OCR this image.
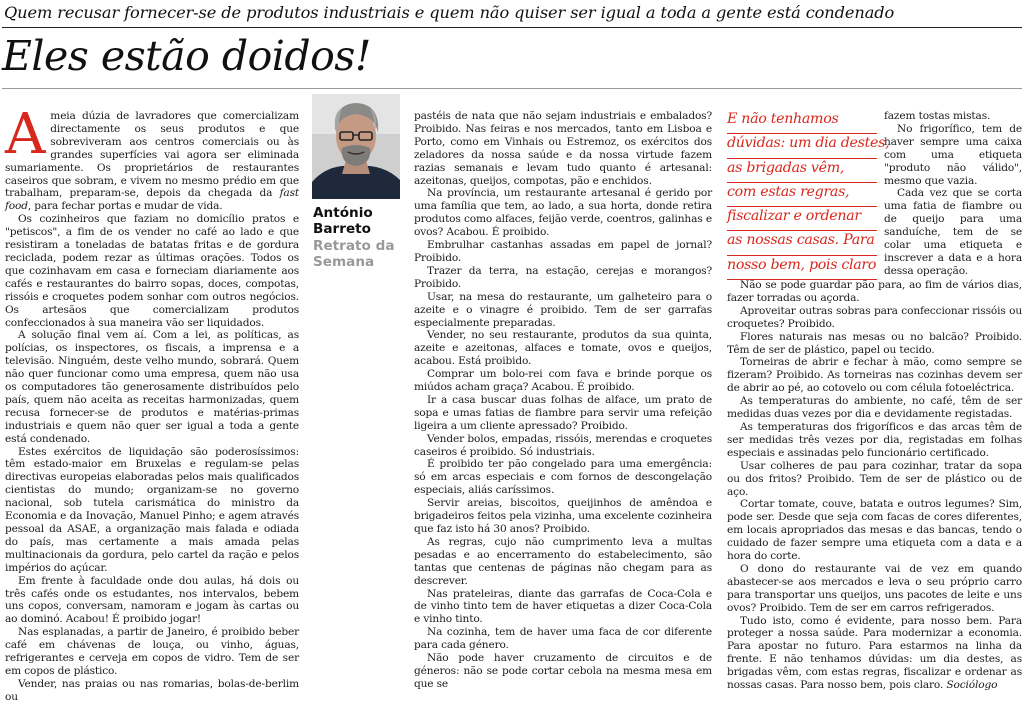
Quem recusar fornecer-se de produtos industriais e quem não quiser ser igual a toda a gente está condenado
Eles estão doidos!

Ameia dúzia de lavradores que comercializam directamente os seus produtos e que sobreviveram aos centros comerciais ou às grandes superfícies vai agora ser eliminada sumariamente. Os proprietários de restaurantes caseiros que sobram, e vivem no mesmo prédio em que trabalham, preparam-se, depois da chegada da fast food, para fechar portas e mudar de vida.

Os cozinheiros que faziam no domicílio pratos e "petiscos", a fim de os vender no café ao lado e que resistiram a toneladas de batatas fritas e de gordura reciclada, podem rezar as últimas orações. Todos os que cozinhavam em casa e forneciam diariamente aos cafés e restaurantes do bairro sopas, doces, compotas, rissóis e croquetes podem sonhar com outros negócios. Os artesãos que comercializam produtos confeccionados à sua maneira vão ser liquidados.

A solução final vem aí. Com a lei, as políticas, as polícias, os inspectores, os fiscais, a imprensa e a televisão. Ninguém, deste velho mundo, sobrará. Quem não quer funcionar como uma empresa, quem não usa os computadores tão generosamente distribuídos pelo país, quem não aceita as receitas harmonizadas, quem recusa fornecer-se de produtos e matérias-primas industriais e quem não quer ser igual a toda a gente está condenado.

Estes exércitos de liquidação são poderosíssimos: têm estado-maior em Bruxelas e regulam-se pelas directivas europeias elaboradas pelos mais qualificados cientistas do mundo; organizam-se no governo nacional, sob tutela carismática do ministro da Economia e da Inovação, Manuel Pinho; e agem através pessoal da ASAE, a organização mais falada e odiada do país, mas certamente a mais amada pelas multinacionais da gordura, pelo cartel da ração e pelos impérios do açúcar.

Em frente à faculdade onde dou aulas, há dois ou três cafés onde os estudantes, nos intervalos, bebem uns copos, conversam, namoram e jogam às cartas ou ao dominó. Acabou! É proibido jogar!

Nas esplanadas, a partir de Janeiro, é proibido beber café em chávenas de louça, ou vinho, águas, refrigerantes e cerveja em copos de vidro. Tem de ser em copos de plástico.

Vender, nas praias ou nas romarias, bolas-de-berlim ou

António
Barreto
Retrato da
Semana

pastéis de nata que não sejam industriais e embalados? Proibido. Nas feiras e nos mercados, tanto em Lisboa e Porto, como em Vinhais ou Estremoz, os exércitos dos zeladores da nossa saúde e da nossa virtude fazem razias semanais e levam tudo quanto é artesanal: azeitonas, queijos, compotas, pão e enchidos.

Na província, um restaurante artesanal é gerido por uma família que tem, ao lado, a sua horta, donde retira produtos como alfaces, feijão verde, coentros, galinhas e ovos? Acabou. É proibido.

Embrulhar castanhas assadas em papel de jornal? Proibido.

Trazer da terra, na estação, cerejas e morangos? Proibido.

Usar, na mesa do restaurante, um galheteiro para o azeite e o vinagre é proibido. Tem de ser garrafas especialmente preparadas.

Vender, no seu restaurante, produtos da sua quinta, azeite e azeitonas, alfaces e tomate, ovos e queijos, acabou. Está proibido.

Comprar um bolo-rei com fava e brinde porque os miúdos acham graça? Acabou. É proibido.

Ir a casa buscar duas folhas de alface, um prato de sopa e umas fatias de fiambre para servir uma refeição ligeira a um cliente apressado? Proibido.

Vender bolos, empadas, rissóis, merendas e croquetes caseiros é proibido. Só industriais.

É proibido ter pão congelado para uma emergência: só em arcas especiais e com fornos de descongelação especiais, aliás caríssimos.

Servir areias, biscoitos, queijinhos de amêndoa e brigadeiros feitos pela vizinha, uma excelente cozinheira que faz isto há 30 anos? Proibido.

As regras, cujo não cumprimento leva a multas pesadas e ao encerramento do estabelecimento, são tantas que centenas de páginas não chegam para as descrever.

Nas prateleiras, diante das garrafas de Coca-Cola e de vinho tinto tem de haver etiquetas a dizer Coca-Cola e vinho tinto.

Na cozinha, tem de haver uma faca de cor diferente para cada género.

Não pode haver cruzamento de circuitos e de géneros: não se pode cortar cebola na mesma mesa em que se

E não tenhamos
dúvidas: um dia destes,
as brigadas vêm,
com estas regras,
fiscalizar e ordenar
as nossas casas. Para
nosso bem, pois claro

fazem tostas mistas.

No frigorífico, tem de haver sempre uma caixa com uma etiqueta "produto não válido", mesmo que vazia.

Cada vez que se corta uma fatia de fiambre ou de queijo para uma sanduíche, tem de se colar uma etiqueta e inscrever a data e a hora dessa operação.

Não se pode guardar pão para, ao fim de vários dias, fazer torradas ou açorda.

Aproveitar outras sobras para confeccionar rissóis ou croquetes? Proibido.

Flores naturais nas mesas ou no balcão? Proibido. Têm de ser de plástico, papel ou tecido.

Torneiras de abrir e fechar à mão, como sempre se fizeram? Proibido. As torneiras nas cozinhas devem ser de abrir ao pé, ao cotovelo ou com célula fotoeléctrica.

As temperaturas do ambiente, no café, têm de ser medidas duas vezes por dia e devidamente registadas.

As temperaturas dos frigoríficos e das arcas têm de ser medidas três vezes por dia, registadas em folhas especiais e assinadas pelo funcionário certificado.

Usar colheres de pau para cozinhar, tratar da sopa ou dos fritos? Proibido. Tem de ser de plástico ou de aço.

Cortar tomate, couve, batata e outros legumes? Sim, pode ser. Desde que seja com facas de cores diferentes, em locais apropriados das mesas e das bancas, tendo o cuidado de fazer sempre uma etiqueta com a data e a hora do corte.

O dono do restaurante vai de vez em quando abastecer-se aos mercados e leva o seu próprio carro para transportar uns queijos, uns pacotes de leite e uns ovos? Proibido. Tem de ser em carros refrigerados.

Tudo isto, como é evidente, para nosso bem. Para proteger a nossa saúde. Para modernizar a economia. Para apostar no futuro. Para estarmos na linha da frente. E não tenhamos dúvidas: um dia destes, as brigadas vêm, com estas regras, fiscalizar e ordenar as nossas casas. Para nosso bem, pois claro. Sociólogo
